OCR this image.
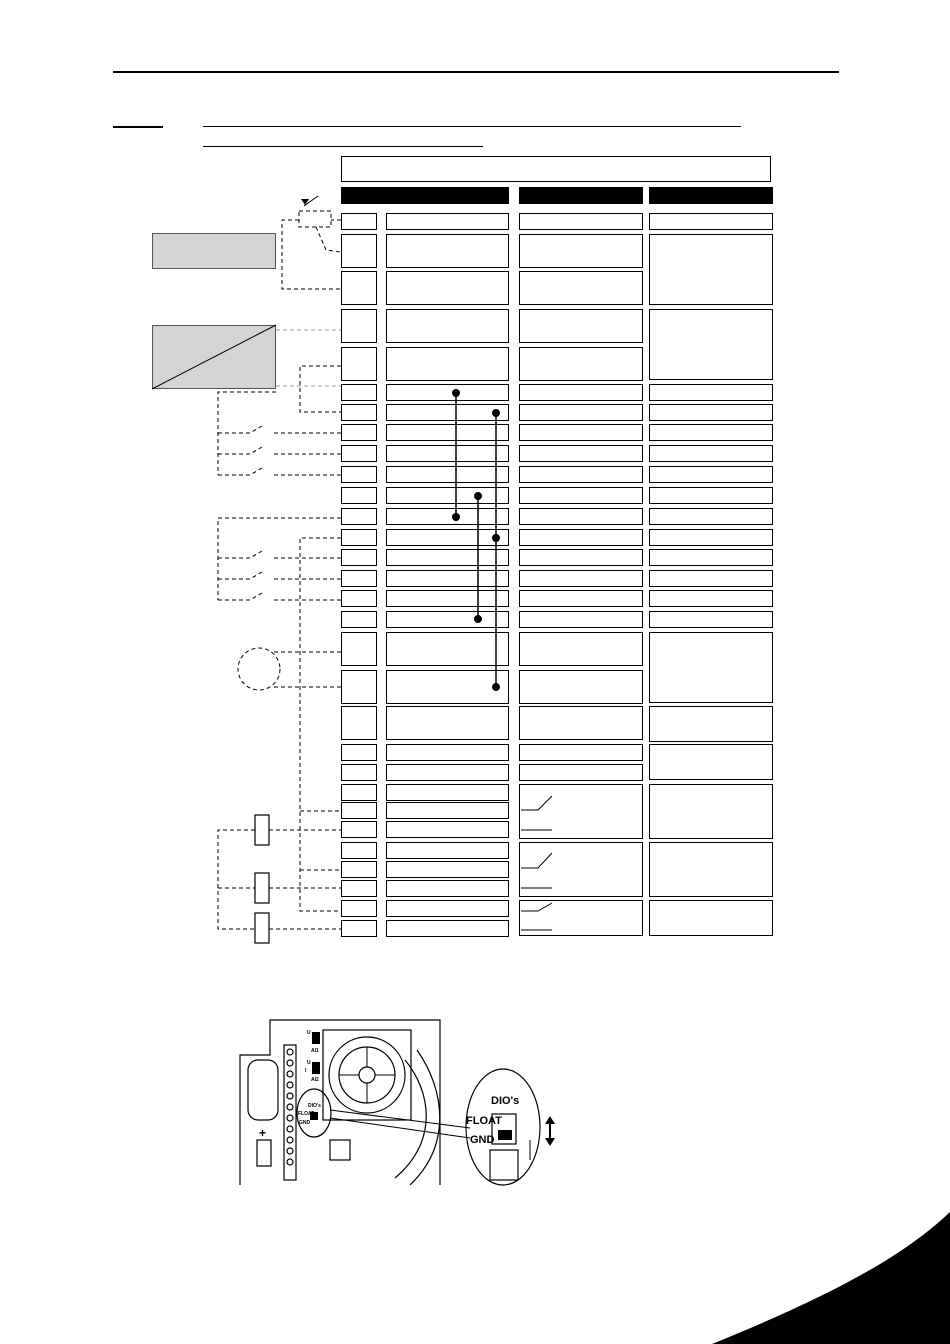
U
AI1
U
I
AI2
DIO's
FLOAT
GND
+
DIO's
FLOAT
GND
